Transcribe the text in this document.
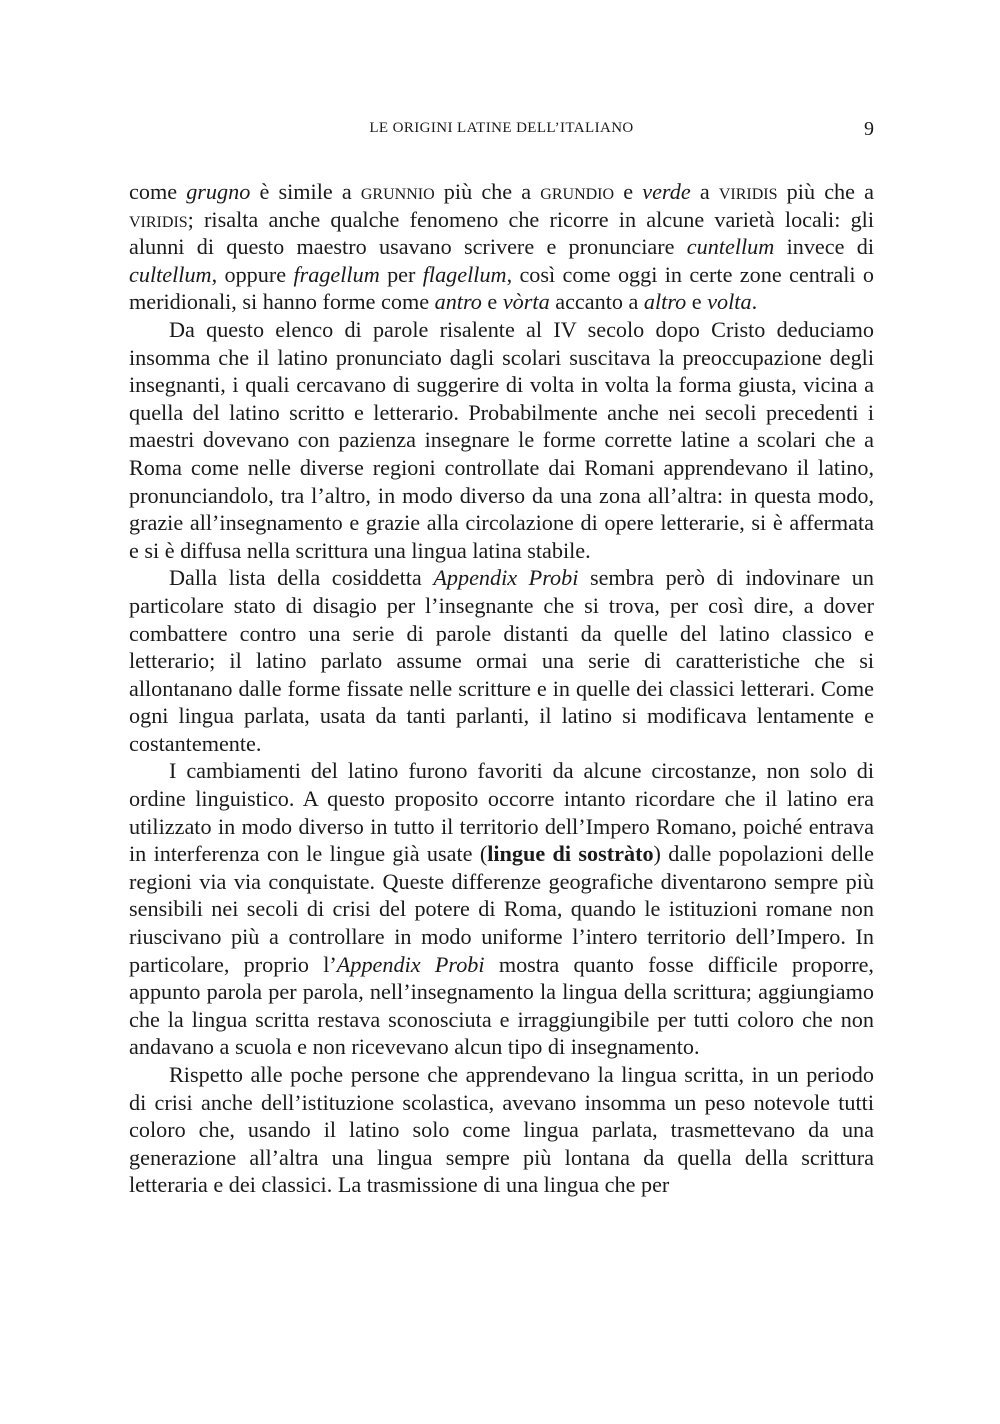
LE ORIGINI LATINE DELL’ITALIANO	9

come grugno è simile a grunnio più che a grundio e verde a viridis più che a viridis; risalta anche qualche fenomeno che ricorre in alcune varietà locali: gli alunni di questo maestro usavano scrivere e pronunciare cuntellum invece di cultellum, oppure fragellum per flagellum, così come oggi in certe zone centrali o meridionali, si hanno forme come antro e vòrta accanto a altro e volta.

Da questo elenco di parole risalente al IV secolo dopo Cristo deduciamo insomma che il latino pronunciato dagli scolari suscitava la preoccupazione degli insegnanti, i quali cercavano di suggerire di volta in volta la forma giusta, vicina a quella del latino scritto e letterario. Probabilmente anche nei secoli precedenti i maestri dovevano con pazienza insegnare le forme corrette latine a scolari che a Roma come nelle diverse regioni controllate dai Romani apprendevano il latino, pronunciandolo, tra l’altro, in modo diverso da una zona all’altra: in questa modo, grazie all’insegnamento e grazie alla circolazione di opere letterarie, si è affermata e si è diffusa nella scrittura una lingua latina stabile.

Dalla lista della cosiddetta Appendix Probi sembra però di indovinare un particolare stato di disagio per l’insegnante che si trova, per così dire, a dover combattere contro una serie di parole distanti da quelle del latino classico e letterario; il latino parlato assume ormai una serie di caratteristiche che si allontanano dalle forme fissate nelle scritture e in quelle dei classici letterari. Come ogni lingua parlata, usata da tanti parlanti, il latino si modificava lentamente e costantemente.

I cambiamenti del latino furono favoriti da alcune circostanze, non solo di ordine linguistico. A questo proposito occorre intanto ricordare che il latino era utilizzato in modo diverso in tutto il territorio dell’Impero Romano, poiché entrava in interferenza con le lingue già usate (lingue di sostràto) dalle popolazioni delle regioni via via conquistate. Queste differenze geografiche diventarono sempre più sensibili nei secoli di crisi del potere di Roma, quando le istituzioni romane non riuscivano più a controllare in modo uniforme l’intero territorio dell’Impero. In particolare, proprio l’Appendix Probi mostra quanto fosse difficile proporre, appunto parola per parola, nell’insegnamento la lingua della scrittura; aggiungiamo che la lingua scritta restava sconosciuta e irraggiungibile per tutti coloro che non andavano a scuola e non ricevevano alcun tipo di insegnamento.

Rispetto alle poche persone che apprendevano la lingua scritta, in un periodo di crisi anche dell’istituzione scolastica, avevano insomma un peso notevole tutti coloro che, usando il latino solo come lingua parlata, trasmettevano da una generazione all’altra una lingua sempre più lontana da quella della scrittura letteraria e dei classici. La trasmissione di una lingua che per
